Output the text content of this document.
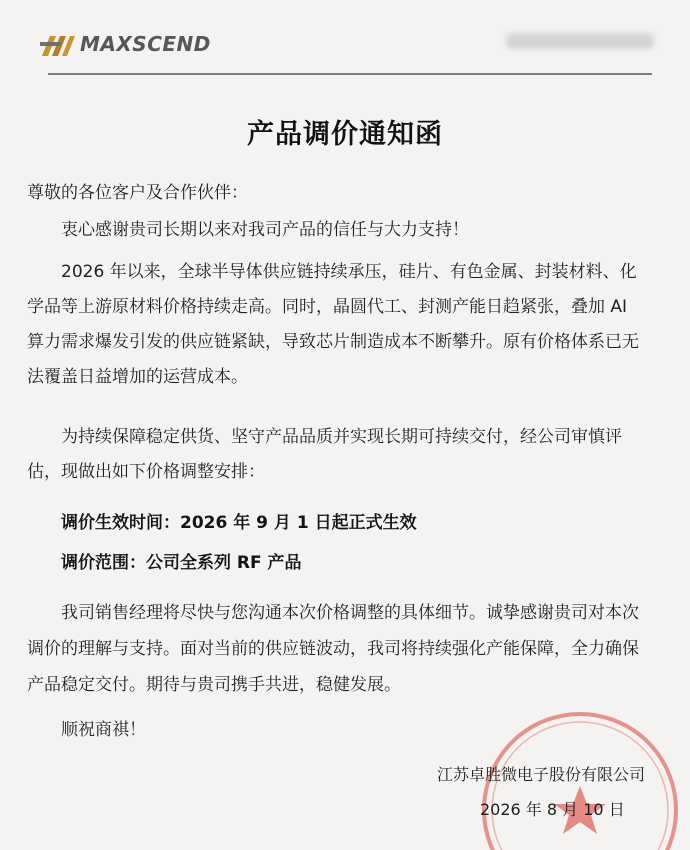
MAXSCEND
产品调价通知函
尊敬的各位客户及合作伙伴：
衷心感谢贵司长期以来对我司产品的信任与大力支持！
2026 年以来，全球半导体供应链持续承压，硅片、有色金属、封装材料、化
学品等上游原材料价格持续走高。同时，晶圆代工、封测产能日趋紧张，叠加 AI
算力需求爆发引发的供应链紧缺，导致芯片制造成本不断攀升。原有价格体系已无
法覆盖日益增加的运营成本。
为持续保障稳定供货、坚守产品品质并实现长期可持续交付，经公司审慎评
估，现做出如下价格调整安排：
调价生效时间：2026 年 9 月 1 日起正式生效
调价范围：公司全系列 RF 产品
我司销售经理将尽快与您沟通本次价格调整的具体细节。诚挚感谢贵司对本次
调价的理解与支持。面对当前的供应链波动，我司将持续强化产能保障，全力确保
产品稳定交付。期待与贵司携手共进，稳健发展。
顺祝商祺！
江苏卓胜微电子股份有限公司
2026 年 8 月 10 日
